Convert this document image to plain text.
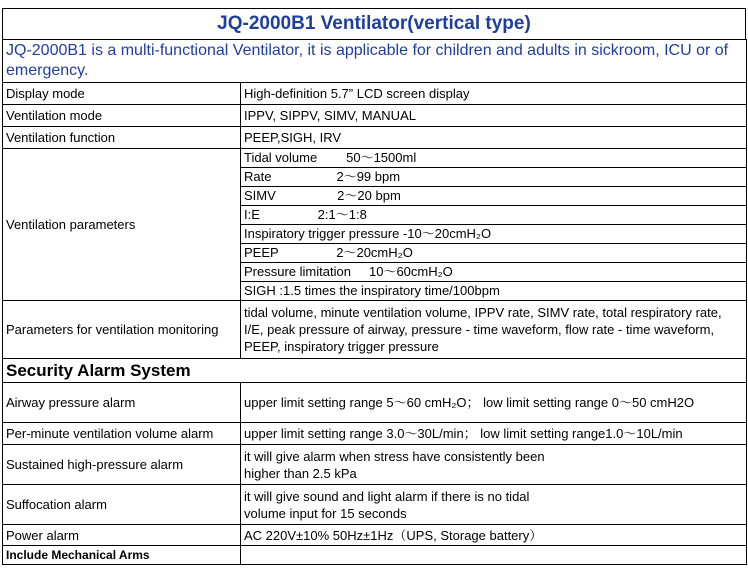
JQ-2000B1 Ventilator(vertical type)
JQ-2000B1 is a multi-functional Ventilator, it is applicable for children and adults in sickroom, ICU or of emergency.	
Display mode	High-definition 5.7” LCD screen display
Ventilation mode	IPPV, SIPPV, SIMV, MANUAL
Ventilation function	PEEP,SIGH, IRV
Ventilation parameters	Tidal volume        50～1500ml
	Rate                  2～99 bpm
	SIMV                 2～20 bpm
	I:E                2:1～1:8
	Inspiratory trigger pressure -10～20cmH₂O
	PEEP                2～20cmH₂O
	Pressure limitation     10～60cmH₂O
	SIGH :1.5 times the inspiratory time/100bpm
Parameters for ventilation monitoring	tidal volume, minute ventilation volume, IPPV rate, SIMV rate, total respiratory rate, I/E, peak pressure of airway, pressure - time waveform, flow rate - time waveform, PEEP, inspiratory trigger pressure
Security Alarm System	
Airway pressure alarm	upper limit setting range 5～60 cmH₂O； low limit setting range 0～50 cmH2O
Per-minute ventilation volume alarm	upper limit setting range 3.0～30L/min； low limit setting range1.0～10L/min
Sustained high-pressure alarm	it will give alarm when stress have consistently been higher than 2.5 kPa
Suffocation alarm	it will give sound and light alarm if there is no tidal volume input for 15 seconds
Power alarm	AC 220V±10% 50Hz±1Hz（UPS, Storage battery）
Include Mechanical Arms	
